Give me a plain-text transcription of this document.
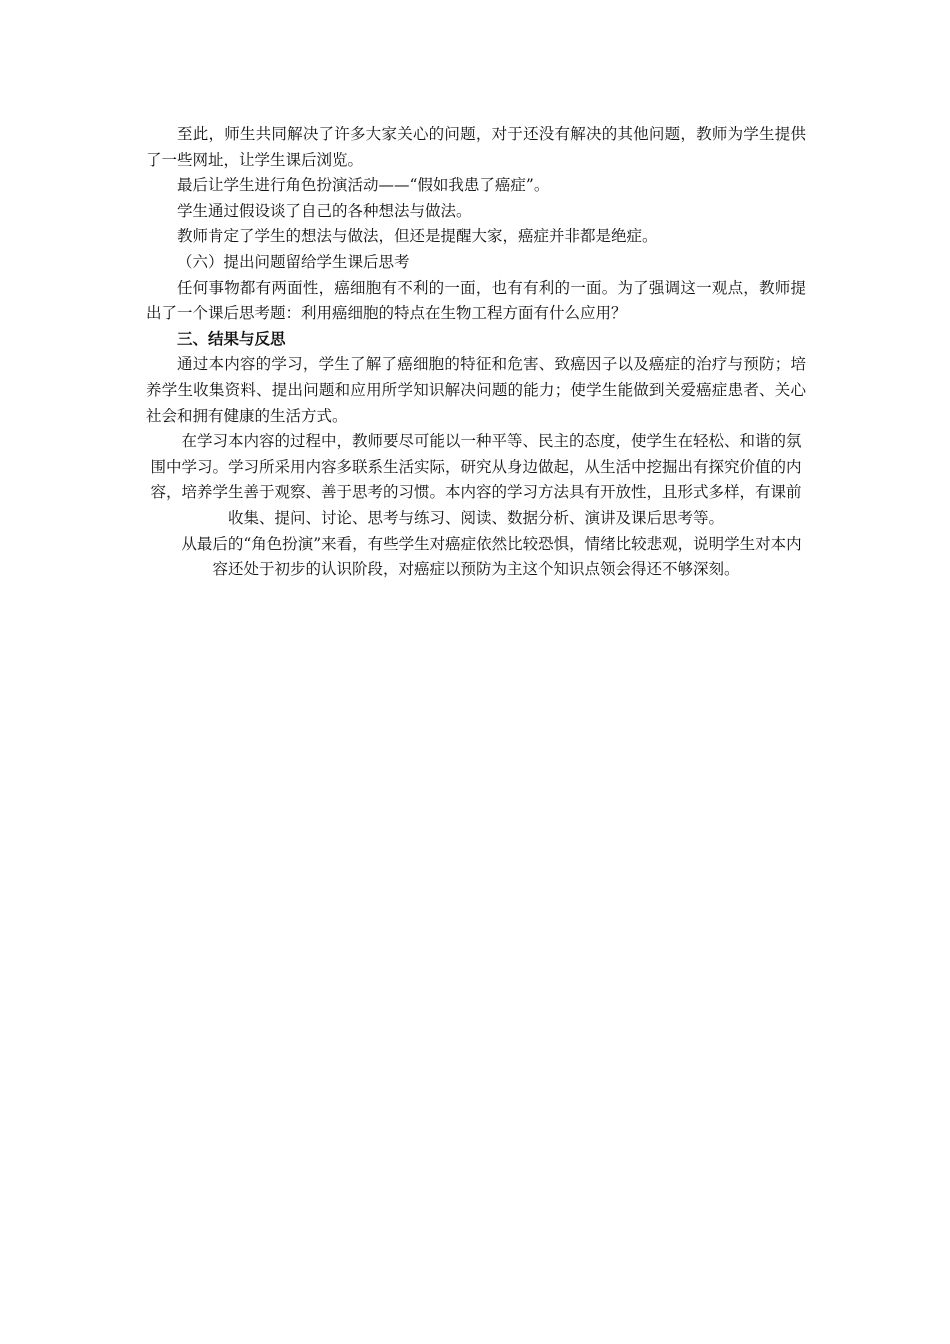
至此，师生共同解决了许多大家关心的问题，对于还没有解决的其他问题，教师为学生提供了一些网址，让学生课后浏览。

最后让学生进行角色扮演活动——“假如我患了癌症”。

学生通过假设谈了自己的各种想法与做法。

教师肯定了学生的想法与做法，但还是提醒大家，癌症并非都是绝症。

（六）提出问题留给学生课后思考

任何事物都有两面性，癌细胞有不利的一面，也有有利的一面。为了强调这一观点，教师提出了一个课后思考题：利用癌细胞的特点在生物工程方面有什么应用？

三、结果与反思

通过本内容的学习，学生了解了癌细胞的特征和危害、致癌因子以及癌症的治疗与预防；培养学生收集资料、提出问题和应用所学知识解决问题的能力；使学生能做到关爱癌症患者、关心社会和拥有健康的生活方式。

在学习本内容的过程中，教师要尽可能以一种平等、民主的态度，使学生在轻松、和谐的氛围中学习。学习所采用内容多联系生活实际，研究从身边做起，从生活中挖掘出有探究价值的内容，培养学生善于观察、善于思考的习惯。本内容的学习方法具有开放性，且形式多样，有课前收集、提问、讨论、思考与练习、阅读、数据分析、演讲及课后思考等。

从最后的“角色扮演”来看，有些学生对癌症依然比较恐惧，情绪比较悲观，说明学生对本内容还处于初步的认识阶段，对癌症以预防为主这个知识点领会得还不够深刻。
